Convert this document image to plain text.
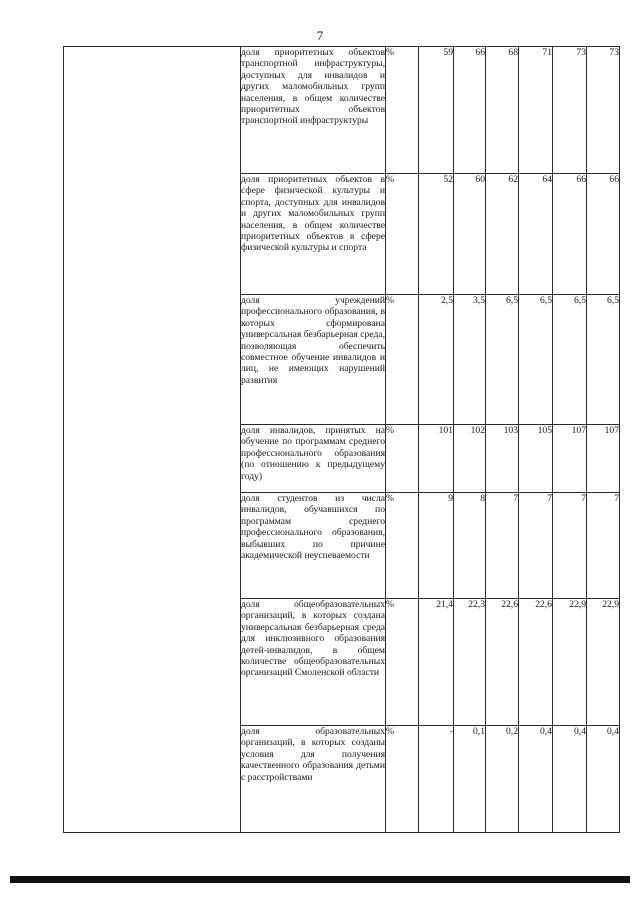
7
	доля приоритетных объектов транспортной инфраструктуры, доступных для инвалидов и других маломобильных групп населения, в общем количестве приоритетных объектов транспортной инфраструктуры	%	59	66	68	71	73	73
	доля приоритетных объектов в сфере физической культуры и спорта, доступных для инвалидов и других маломобильных групп населения, в общем количестве приоритетных объектов в сфере физической культуры и спорта	%	52	60	62	64	66	66
	доля учреждений профессионального образования, в которых сформирована универсальная безбарьерная среда, позволяющая обеспечить совместное обучение инвалидов и лиц, не имеющих нарушений развития	%	2,5	3,5	6,5	6,5	6,5	6,5
	доля инвалидов, принятых на обучение по программам среднего профессионального образования (по отношению к предыдущему году)	%	101	102	103	105	107	107
	доля студентов из числа инвалидов, обучавшихся по программам среднего профессионального образования, выбывших по причине академической неуспеваемости	%	9	8	7	7	7	7
	доля общеобразовательных организаций, в которых создана универсальная безбарьерная среда для инклюзивного образования детей-инвалидов, в общем количестве общеобразовательных организаций Смоленской области	%	21,4	22,3	22,6	22,6	22,9	22,9
	доля образовательных организаций, в которых созданы условия для получения качественного образования детьми с расстройствами	%	-	0,1	0,2	0,4	0,4	0,4
